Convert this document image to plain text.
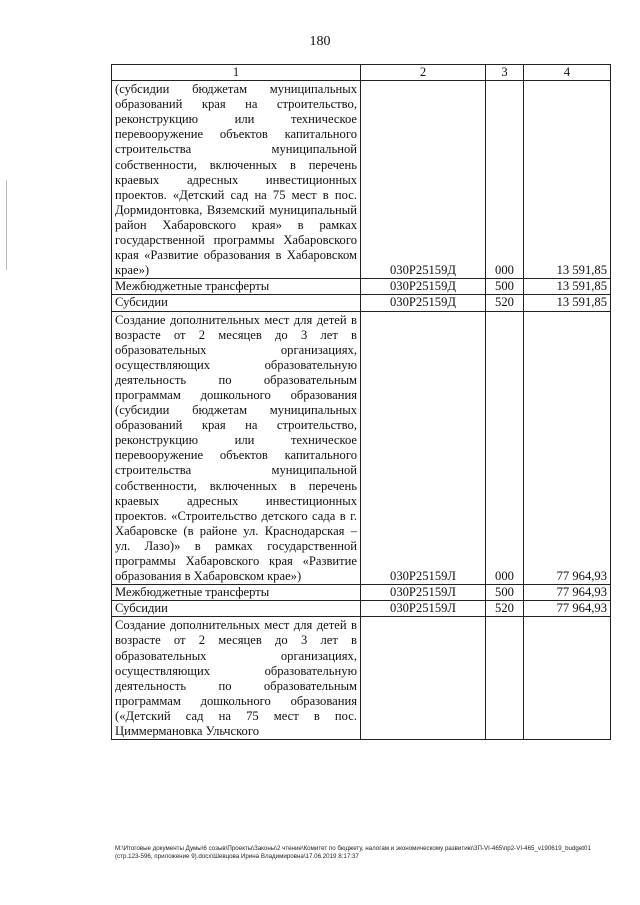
180
1	2	3	4
(субсидии бюджетам муниципальных образований края на строительство, реконструкцию или техническое перевооружение объектов капитального строительства муниципальной собственности, включенных в перечень краевых адресных инвестиционных проектов. «Детский сад на 75 мест в пос. Дормидонтовка, Вяземский муниципальный район Хабаровского края» в рамках государственной программы Хабаровского края «Развитие образования в Хабаровском крае»)	030Р25159Д	000	13 591,85
Межбюджетные трансферты	030Р25159Д	500	13 591,85
Субсидии	030Р25159Д	520	13 591,85
Создание дополнительных мест для детей в возрасте от 2 месяцев до 3 лет в образовательных организациях, осуществляющих образовательную деятельность по образовательным программам дошкольного образования (субсидии бюджетам муниципальных образований края на строительство, реконструкцию или техническое перевооружение объектов капитального строительства муниципальной собственности, включенных в перечень краевых адресных инвестиционных проектов. «Строительство детского сада в г. Хабаровске (в районе ул. Краснодарская – ул. Лазо)» в рамках государственной программы Хабаровского края «Развитие образования в Хабаровском крае»)	030Р25159Л	000	77 964,93
Межбюджетные трансферты	030Р25159Л	500	77 964,93
Субсидии	030Р25159Л	520	77 964,93
Создание дополнительных мест для детей в возрасте от 2 месяцев до 3 лет в образовательных организациях, осуществляющих образовательную деятельность по образовательным программам дошкольного образования («Детский сад на 75 мест в пос. Циммермановка Ульчского			
М:\Итоговые документы Думы\6 созыв\Проекты\Законы\2 чтение\Комитет по бюджету, налогам и экономическому развитию\3П-VI-465\пр2-VI-465_v190619_budget01 (стр.123-596, приложение 9).docx\Шевцова Ирина Владимировна\17.06.2019 8:17:37
